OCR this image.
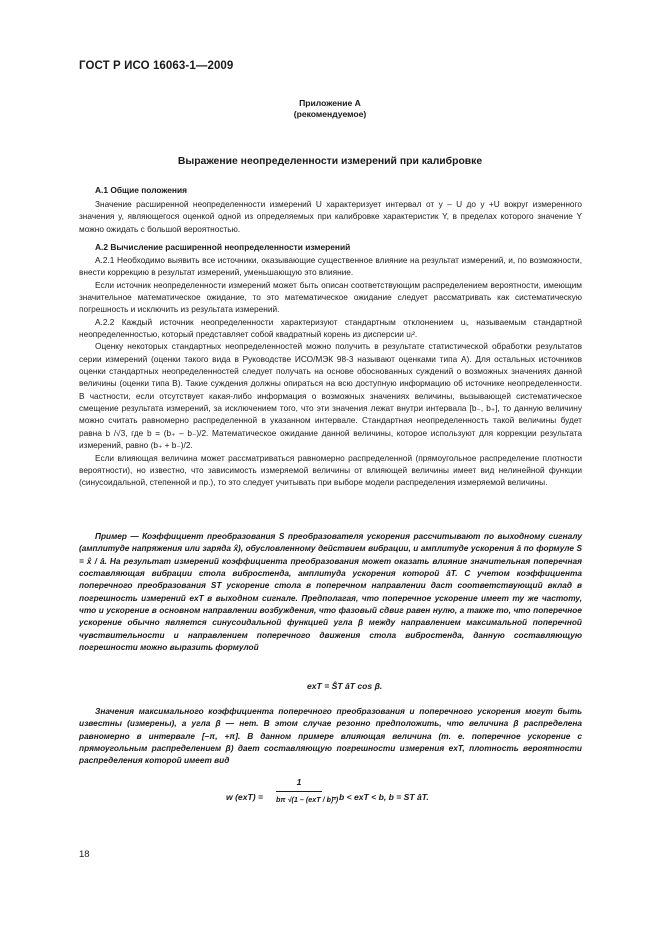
ГОСТ Р ИСО 16063-1—2009
Приложение А
(рекомендуемое)
Выражение неопределенности измерений при калибровке
А.1 Общие положения

Значение расширенной неопределенности измерений U характеризует интервал от y – U до y +U вокруг измеренного значения y, являющегося оценкой одной из определяемых при калибровке характеристик Y, в пределах которого значение Y можно ожидать с большой вероятностью.

А.2 Вычисление расширенной неопределенности измерений

А.2.1 Необходимо выявить все источники, оказывающие существенное влияние на результат измерений, и, по возможности, внести коррекцию в результат измерений, уменьшающую это влияние.

Если источник неопределенности измерений может быть описан соответствующим распределением вероятности, имеющим значительное математическое ожидание, то это математическое ожидание следует рассматривать как систематическую погрешность и исключить из результата измерений.

А.2.2 Каждый источник неопределенности характеризуют стандартным отклонением uᵢ, называемым стандартной неопределенностью, который представляет собой квадратный корень из дисперсии uᵢ².

Оценку некоторых стандартных неопределенностей можно получить в результате статистической обработки результатов серии измерений (оценки такого вида в Руководстве ИСО/МЭК 98-3 называют оценками типа A). Для остальных источников оценки стандартных неопределенностей следует получать на основе обоснованных суждений о возможных значениях данной величины (оценки типа B). Такие суждения должны опираться на всю доступную информацию об источнике неопределенности. В частности, если отсутствует какая-либо информация о возможных значениях величины, вызывающей систематическое смещение результата измерений, за исключением того, что эти значения лежат внутри интервала [b₋, b₊], то данную величину можно считать равномерно распределенной в указанном интервале. Стандартная неопределенность такой величины будет равна b /√3, где b = (b₊ – b₋)/2. Математическое ожидание данной величины, которое используют для коррекции результата измерений, равно (b₊ + b₋)/2.

Если влияющая величина может рассматриваться равномерно распределенной (прямоугольное распределение плотности вероятности), но известно, что зависимость измеряемой величины от влияющей величины имеет вид нелинейной функции (синусоидальной, степенной и пр.), то это следует учитывать при выборе модели распределения измеряемой величины.

Пример — Коэффициент преобразования S преобразователя ускорения рассчитывают по выходному сигналу (амплитуде напряжения или заряда x̂), обусловленному действием вибрации, и амплитуде ускорения â по формуле S = x̂ / â. На результат измерений коэффициента преобразования может оказать влияние значительная поперечная составляющая вибрации стола вибростенда, амплитуда ускорения которой âT. С учетом коэффициента поперечного преобразования ST ускорение стола в поперечном направлении даст соответствующий вклад в погрешность измерений exT в выходном сигнале. Предполагая, что поперечное ускорение имеет ту же частоту, что и ускорение в основном направлении возбуждения, что фазовый сдвиг равен нулю, а также то, что поперечное ускорение обычно является синусоидальной функцией угла β между направлением максимальной поперечной чувствительности и направлением поперечного движения стола вибростенда, данную составляющую погрешности можно выразить формулой

exT = ŜT âT cos β.

Значения максимального коэффициента поперечного преобразования и поперечного ускорения могут быть известны (измерены), а угла β — нет. В этом случае резонно предположить, что величина β распределена равномерно в интервале [–π, +π]. В данном примере влияющая величина (т. е. поперечное ускорение с прямоугольным распределением β) дает составляющую погрешности измерения exT, плотность вероятности распределения которой имеет вид

w (exT) =
1
bπ √(1 – (exT / b)²)
, – b < exT < b, b = ST âT.
18
